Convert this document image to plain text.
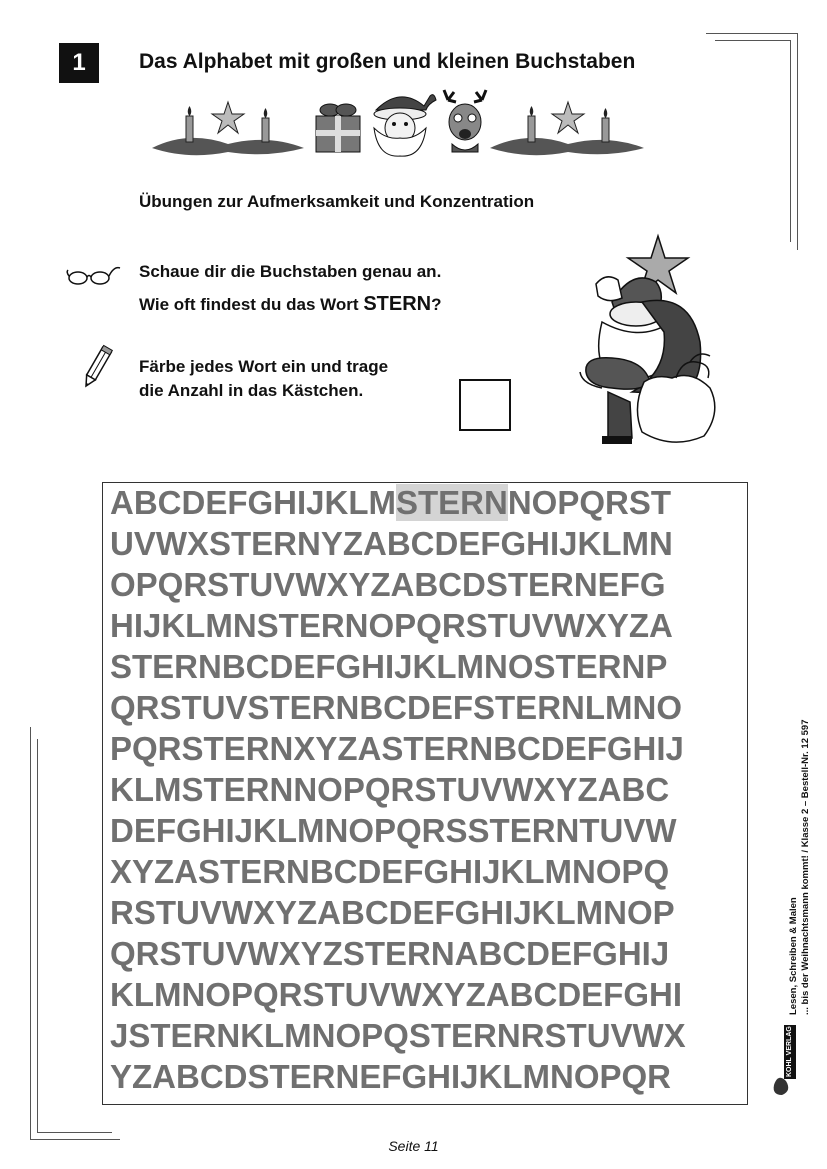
1	Das Alphabet mit großen und kleinen Buchstaben
Übungen zur Aufmerksamkeit und Konzentration
Schaue dir die Buchstaben genau an.
Wie oft findest du das Wort STERN?
Färbe jedes Wort ein und trage
die Anzahl in das Kästchen.
ABCDEFGHIJKLMSTERNNOPQRST
UVWXSTERNYZABCDEFGHIJKLMN
OPQRSTUVWXYZABCDSTERNEFG
HIJKLMNSTERNOPQRSTUVWXYZA
STERNBCDEFGHIJKLMNOSTERNP
QRSTUVSTERNBCDEFSTERNLMNO
PQRSTERNXYZASTERNBCDEFGHIJ
KLMSTERNNOPQRSTUVWXYZABC
DEFGHIJKLMNOPQRSSTERNTUVW
XYZASTERNBCDEFGHIJKLMNOPQ
RSTUVWXYZABCDEFGHIJKLMNOP
QRSTUVWXYZSTERNABCDEFGHIJ
KLMNOPQRSTUVWXYZABCDEFGHI
JSTERNKLMNOPQSTERNRSTUVWX
YZABCDSTERNEFGHIJKLMNOPQR
Lesen, Schreiben & Malen ... bis der Weihnachtsmann kommt! / Klasse 2 – Bestell-Nr. 12 597
KOHL VERLAG
Seite 11
